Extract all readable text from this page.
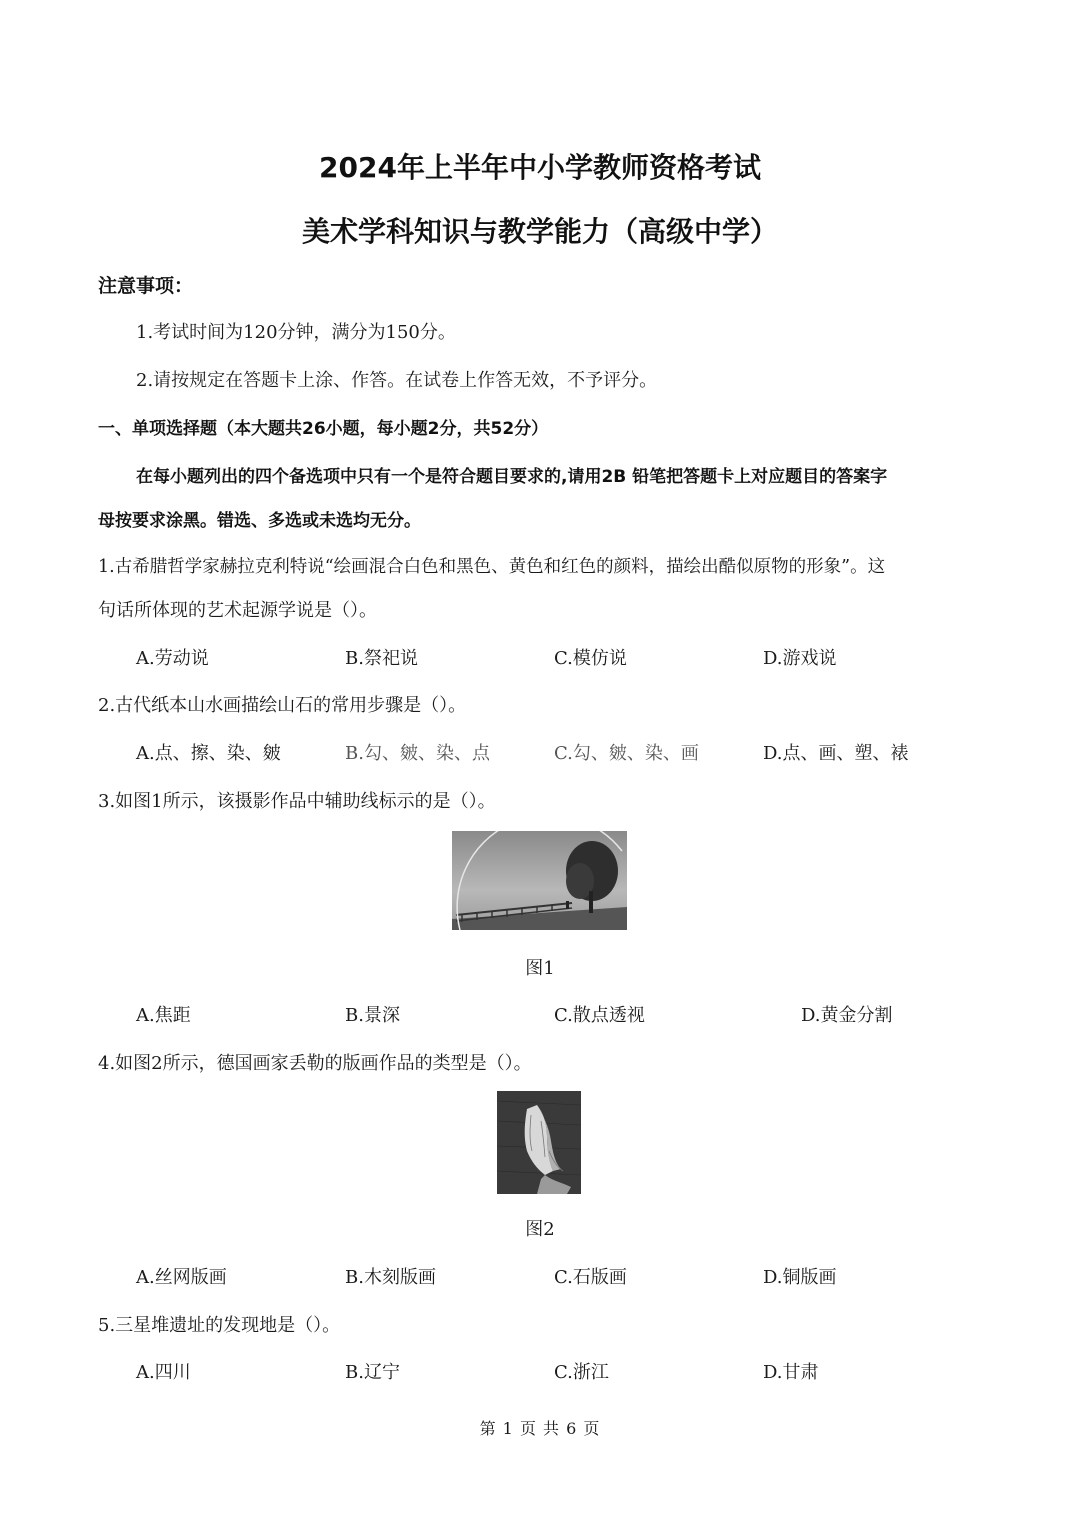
2024年上半年中小学教师资格考试
美术学科知识与教学能力（高级中学）
注意事项：
1.考试时间为120分钟，满分为150分。
2.请按规定在答题卡上涂、作答。在试卷上作答无效，不予评分。
一、单项选择题（本大题共26小题，每小题2分，共52分）
在每小题列出的四个备选项中只有一个是符合题目要求的,请用2B 铅笔把答题卡上对应题目的答案字
母按要求涂黑。错选、多选或未选均无分。
1.古希腊哲学家赫拉克利特说“绘画混合白色和黑色、黄色和红色的颜料，描绘出酷似原物的形象”。这
句话所体现的艺术起源学说是（）。
A.劳动说	B.祭祀说	C.模仿说	D.游戏说
2.古代纸本山水画描绘山石的常用步骤是（）。
A.点、擦、染、皴	B.勾、皴、染、点	C.勾、皴、染、画	D.点、画、塑、裱
3.如图1所示，该摄影作品中辅助线标示的是（）。
图1
A.焦距	B.景深	C.散点透视	D.黄金分割
4.如图2所示，德国画家丢勒的版画作品的类型是（）。
图2
A.丝网版画	B.木刻版画	C.石版画	D.铜版画
5.三星堆遗址的发现地是（）。
A.四川	B.辽宁	C.浙江	D.甘肃
第 1 页 共 6 页
